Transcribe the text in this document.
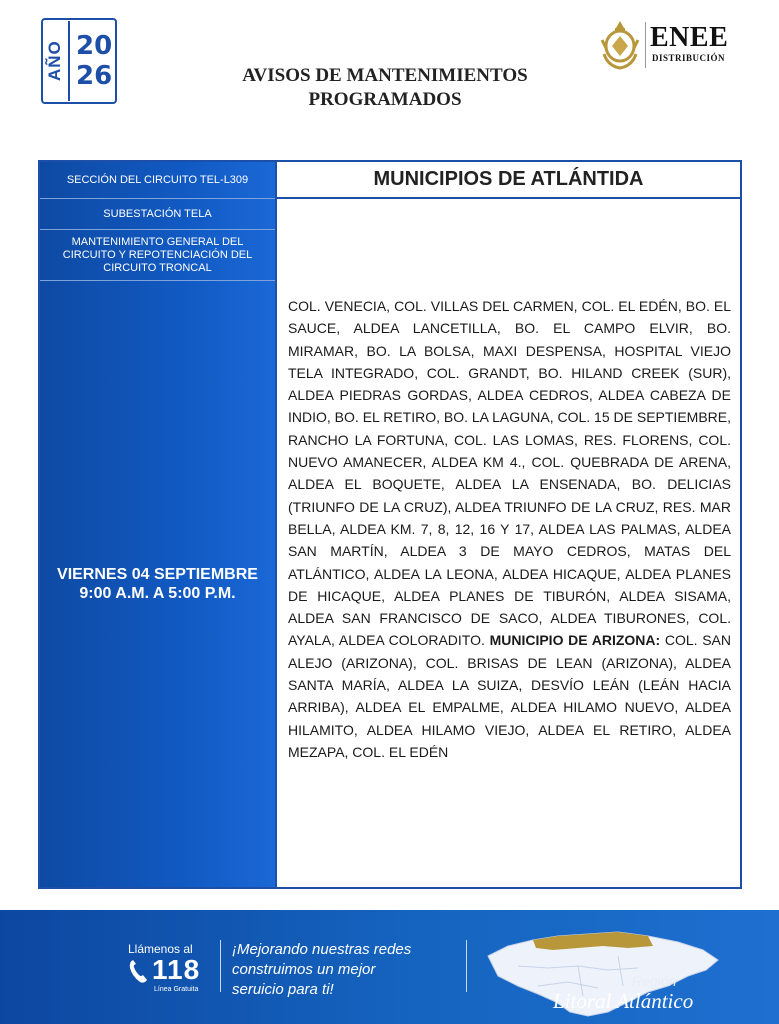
AÑO 20
26	AVISOS DE MANTENIMIENTOS
PROGRAMADOS
ENEE
DISTRIBUCIÓN
SECCIÓN DEL CIRCUITO TEL-L309
SUBESTACIÓN TELA
MANTENIMIENTO GENERAL DEL CIRCUITO Y REPOTENCIACIÓN DEL CIRCUITO TRONCAL
VIERNES 04 SEPTIEMBRE
9:00 A.M. A 5:00 P.M.
MUNICIPIOS DE ATLÁNTIDA
COL. VENECIA, COL. VILLAS DEL CARMEN, COL. EL EDÉN, BO. EL SAUCE, ALDEA LANCETILLA, BO. EL CAMPO ELVIR, BO. MIRAMAR, BO. LA BOLSA, MAXI DESPENSA, HOSPITAL VIEJO TELA INTEGRADO, COL. GRANDT, BO. HILAND CREEK (SUR), ALDEA PIEDRAS GORDAS, ALDEA CEDROS, ALDEA CABEZA DE INDIO, BO. EL RETIRO, BO. LA LAGUNA, COL. 15 DE SEPTIEMBRE, RANCHO LA FORTUNA, COL. LAS LOMAS, RES. FLORENS, COL. NUEVO AMANECER, ALDEA KM 4., COL. QUEBRADA DE ARENA, ALDEA EL BOQUETE, ALDEA LA ENSENADA, BO. DELICIAS (TRIUNFO DE LA CRUZ), ALDEA TRIUNFO DE LA CRUZ, RES. MAR BELLA, ALDEA KM. 7, 8, 12, 16 Y 17, ALDEA LAS PALMAS, ALDEA SAN MARTÍN, ALDEA 3 DE MAYO CEDROS, MATAS DEL ATLÁNTICO, ALDEA LA LEONA, ALDEA HICAQUE, ALDEA PLANES DE HICAQUE, ALDEA PLANES DE TIBURÓN, ALDEA SISAMA, ALDEA SAN FRANCISCO DE SACO, ALDEA TIBURONES, COL. AYALA, ALDEA COLORADITO. MUNICIPIO DE ARIZONA: COL. SAN ALEJO (ARIZONA), COL. BRISAS DE LEAN (ARIZONA), ALDEA SANTA MARÍA, ALDEA LA SUIZA, DESVÍO LEÁN (LEÁN HACIA ARRIBA), ALDEA EL EMPALME, ALDEA HILAMO NUEVO, ALDEA HILAMITO, ALDEA HILAMO VIEJO, ALDEA EL RETIRO, ALDEA MEZAPA, COL. EL EDÉN
Llámenos al
118
Línea Gratuita
¡Mejorando nuestras redes
construimos un mejor
seruicio para ti!	Región
Litoral Atlántico
